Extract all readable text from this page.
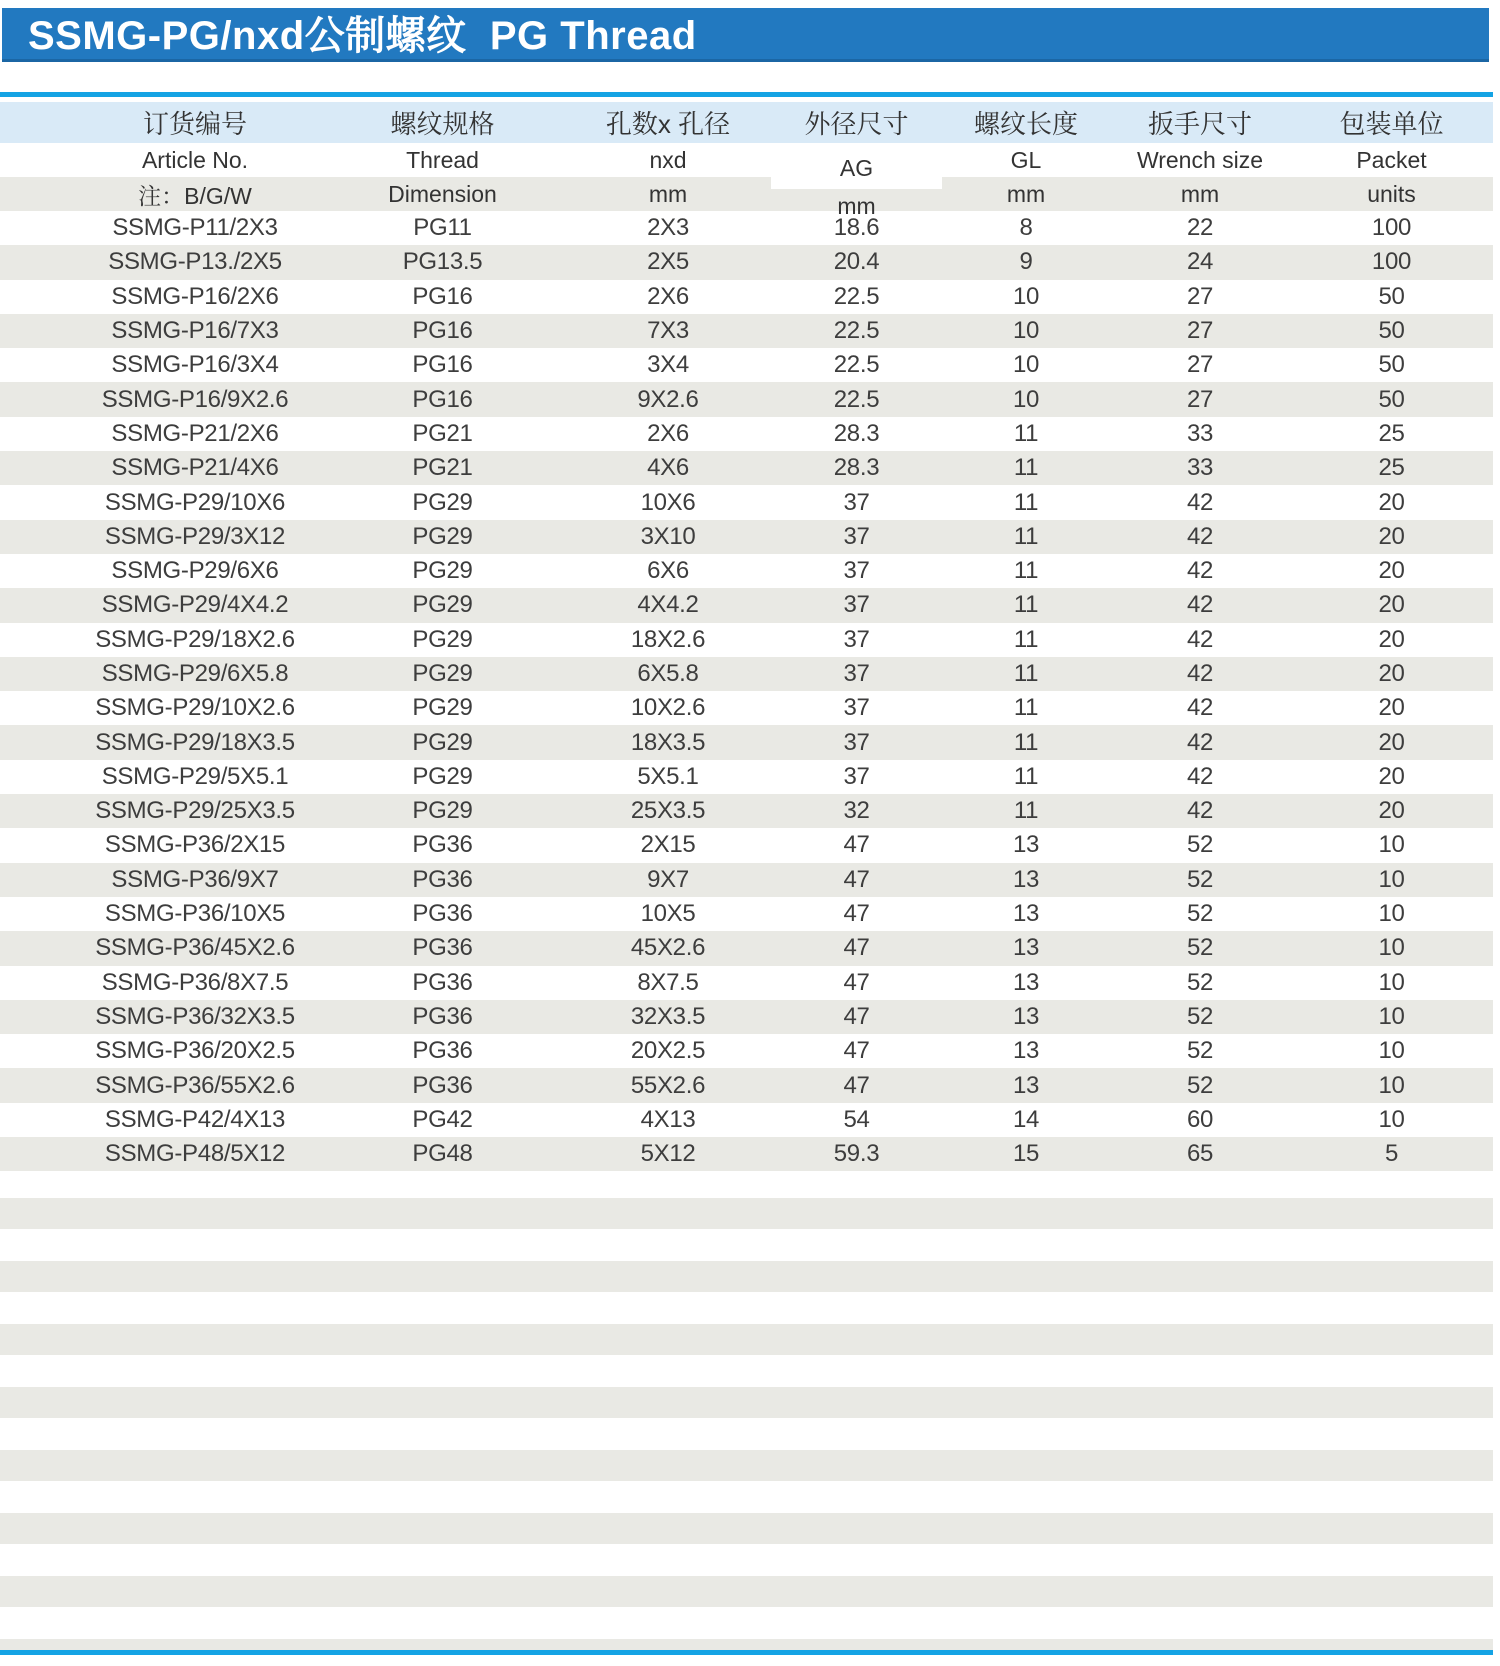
SSMG-PG/nxd公制螺纹  PG Thread
订货编号	螺纹规格	孔数x 孔径	外径尺寸	螺纹长度	扳手尺寸	包装单位
Article No.	Thread	nxd	AG	GL	Wrench size	Packet
注：B/G/W	Dimension	mm	mm	mm	mm	units
SSMG-P11/2X3	PG11	2X3	18.6	8	22	100
SSMG-P13./2X5	PG13.5	2X5	20.4	9	24	100
SSMG-P16/2X6	PG16	2X6	22.5	10	27	50
SSMG-P16/7X3	PG16	7X3	22.5	10	27	50
SSMG-P16/3X4	PG16	3X4	22.5	10	27	50
SSMG-P16/9X2.6	PG16	9X2.6	22.5	10	27	50
SSMG-P21/2X6	PG21	2X6	28.3	11	33	25
SSMG-P21/4X6	PG21	4X6	28.3	11	33	25
SSMG-P29/10X6	PG29	10X6	37	11	42	20
SSMG-P29/3X12	PG29	3X10	37	11	42	20
SSMG-P29/6X6	PG29	6X6	37	11	42	20
SSMG-P29/4X4.2	PG29	4X4.2	37	11	42	20
SSMG-P29/18X2.6	PG29	18X2.6	37	11	42	20
SSMG-P29/6X5.8	PG29	6X5.8	37	11	42	20
SSMG-P29/10X2.6	PG29	10X2.6	37	11	42	20
SSMG-P29/18X3.5	PG29	18X3.5	37	11	42	20
SSMG-P29/5X5.1	PG29	5X5.1	37	11	42	20
SSMG-P29/25X3.5	PG29	25X3.5	32	11	42	20
SSMG-P36/2X15	PG36	2X15	47	13	52	10
SSMG-P36/9X7	PG36	9X7	47	13	52	10
SSMG-P36/10X5	PG36	10X5	47	13	52	10
SSMG-P36/45X2.6	PG36	45X2.6	47	13	52	10
SSMG-P36/8X7.5	PG36	8X7.5	47	13	52	10
SSMG-P36/32X3.5	PG36	32X3.5	47	13	52	10
SSMG-P36/20X2.5	PG36	20X2.5	47	13	52	10
SSMG-P36/55X2.6	PG36	55X2.6	47	13	52	10
SSMG-P42/4X13	PG42	4X13	54	14	60	10
SSMG-P48/5X12	PG48	5X12	59.3	15	65	5
